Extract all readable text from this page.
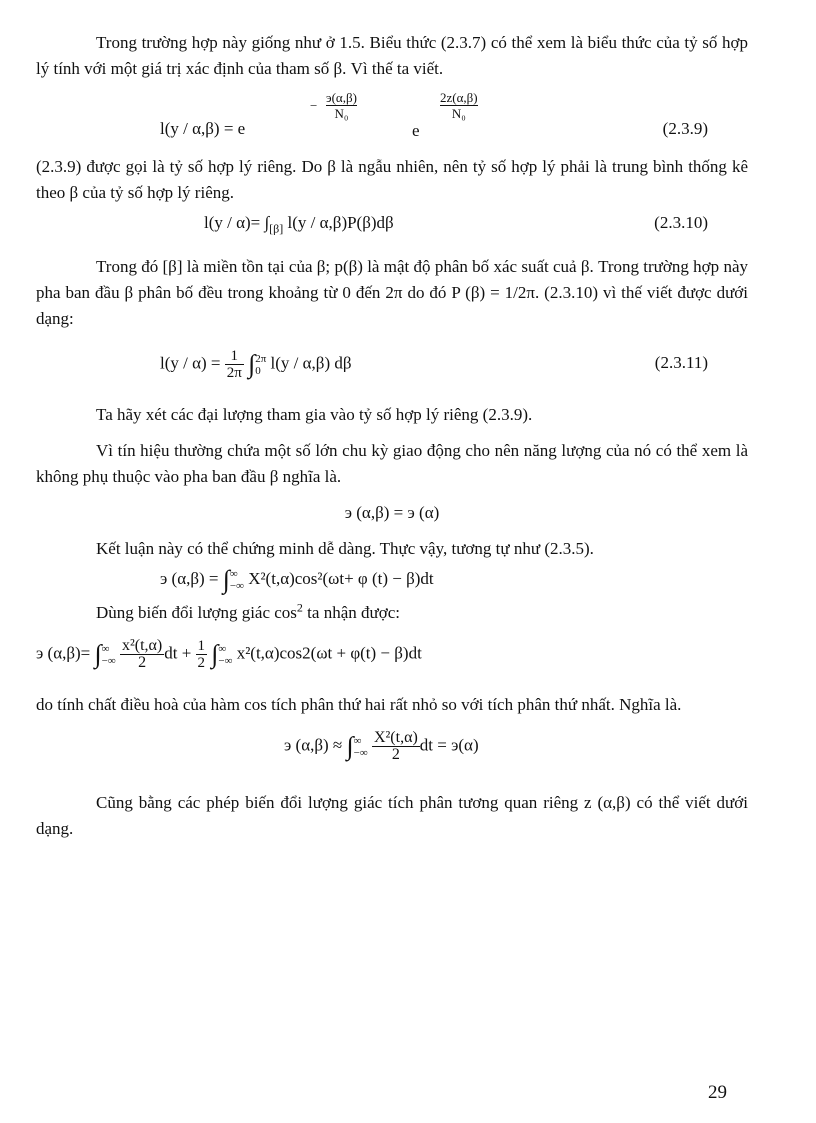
Trong trường hợp này giống như ở 1.5. Biểu thức (2.3.7) có thể xem là biểu thức của tỷ số hợp lý tính với một giá trị xác định của tham số β. Vì thế ta viết.

−
э(α,β)
N₀
2z(α,β)
N₀
l(y / α,β) = e	e	(2.3.9)

(2.3.9) được gọi là tỷ số hợp lý riêng. Do β là ngẫu nhiên, nên tỷ số hợp lý phải là trung bình thống kê theo β của tỷ số hợp lý riêng.

$l(y / \alpha)= \int_{[\beta]}$ l(y / α,β)P(β)dβ	(2.3.10)

Trong đó [β] là miền tồn tại của β; p(β) là mật độ phân bố xác suất cuả β. Trong trường hợp này pha ban đầu β phân bố đều trong khoảng từ 0 đến 2π do đó P (β) = 1/2π. (2.3.10) vì thế viết được dưới dạng:

$l(y / \alpha) = \frac{1}{2\pi}$ ∫ 2π
0 l(y / α,β) dβ	(2.3.11)

Ta hãy xét các đại lượng tham gia vào tỷ số hợp lý riêng (2.3.9).

Vì tín hiệu thường chứa một số lớn chu kỳ giao động cho nên năng lượng của nó có thể xem là không phụ thuộc vào pha ban đầu β nghĩa là.

э (α,β) = э (α)

Kết luận này có thể chứng minh dễ dàng. Thực vậy, tương tự như (2.3.5).

э (α,β) = ∫ ∞
−∞ X²(t,α)cos²(ωt+ φ (t) − β)dt

Dùng biến đổi lượng giác $\cos^2$ ta nhận được:

э (α,β)= ∫ ∞
−∞
$\frac{\text{x²(t,α)}}{2}$ dt + $\frac{1}{2}$ ∫ ∞
−∞ x²(t,α)cos2(ωt + φ(t) − β)dt

do tính chất điều hoà của hàm cos tích phân thứ hai rất nhỏ so với tích phân thứ nhất. Nghĩa là.

э (α,β) ≈ ∫ ∞
−∞
$\frac{\text{X²(t,α)}}{2}$ dt = э(α)

Cũng bằng các phép biến đổi lượng giác tích phân tương quan riêng z (α,β) có thể viết dưới dạng.

29
